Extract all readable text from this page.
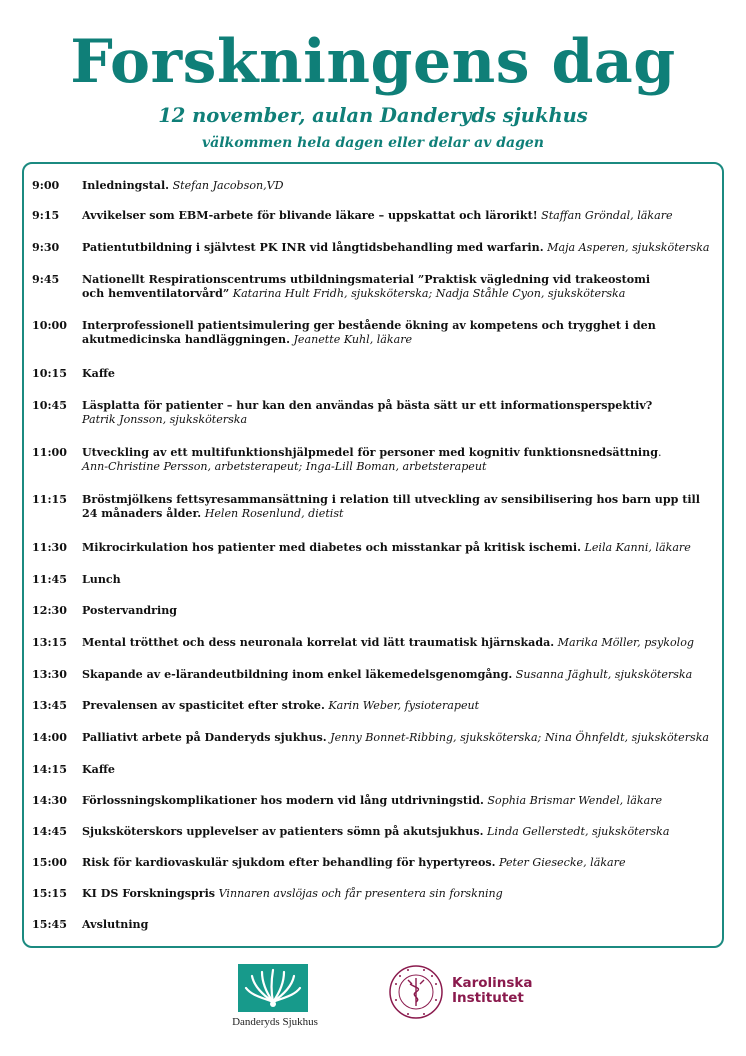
Forskningens dag
12 november, aulan Danderyds sjukhus
välkommen hela dagen eller delar av dagen
9:00	Inledningstal. Stefan Jacobson,VD
9:15	Avvikelser som EBM-arbete för blivande läkare – uppskattat och lärorikt! Staffan Gröndal, läkare
9:30	Patientutbildning i självtest PK INR vid långtidsbehandling med warfarin. Maja Asperen, sjuksköterska
9:45	Nationellt Respirationscentrums utbildningsmaterial ”Praktisk vägledning vid trakeostomi
och hemventilatorvård” Katarina Hult Fridh, sjuksköterska; Nadja Ståhle Cyon, sjuksköterska
10:00	Interprofessionell patientsimulering ger bestående ökning av kompetens och trygghet i den
akutmedicinska handläggningen. Jeanette Kuhl, läkare
10:15	Kaffe
10:45	Läsplatta för patienter – hur kan den användas på bästa sätt ur ett informationsperspektiv?
Patrik Jonsson, sjuksköterska
11:00	Utveckling av ett multifunktionshjälpmedel för personer med kognitiv funktionsnedsättning.
Ann-Christine Persson, arbetsterapeut; Inga-Lill Boman, arbetsterapeut
11:15	Bröstmjölkens fettsyresammansättning i relation till utveckling av sensibilisering hos barn upp till
24 månaders ålder. Helen Rosenlund, dietist
11:30	Mikrocirkulation hos patienter med diabetes och misstankar på kritisk ischemi. Leila Kanni, läkare
11:45	Lunch
12:30	Postervandring
13:15	Mental trötthet och dess neuronala korrelat vid lätt traumatisk hjärnskada. Marika Möller, psykolog
13:30	Skapande av e-lärandeutbildning inom enkel läkemedelsgenomgång. Susanna Jäghult, sjuksköterska
13:45	Prevalensen av spasticitet efter stroke. Karin Weber, fysioterapeut
14:00	Palliativt arbete på Danderyds sjukhus. Jenny Bonnet-Ribbing, sjuksköterska; Nina Öhnfeldt, sjuksköterska
14:15	Kaffe
14:30	Förlossningskomplikationer hos modern vid lång utdrivningstid. Sophia Brismar Wendel, läkare
14:45	Sjuksköterskors upplevelser av patienters sömn på akutsjukhus. Linda Gellerstedt, sjuksköterska
15:00	Risk för kardiovaskulär sjukdom efter behandling för hypertyreos. Peter Giesecke, läkare
15:15	KI DS Forskningspris Vinnaren avslöjas och får presentera sin forskning
15:45	Avslutning
Danderyds Sjukhus
Karolinska
Institutet
